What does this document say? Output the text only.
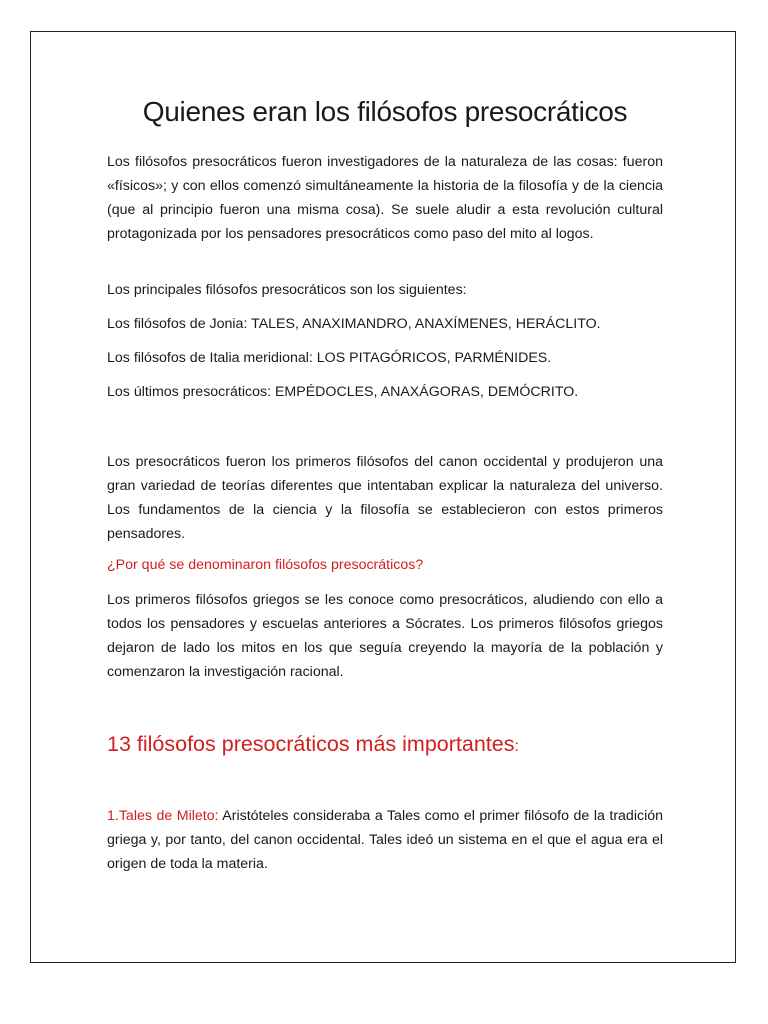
Quienes eran los filósofos presocráticos

Los filósofos presocráticos fueron investigadores de la naturaleza de las cosas: fueron «físicos»; y con ellos comenzó simultáneamente la historia de la filosofía y de la ciencia (que al principio fueron una misma cosa). Se suele aludir a esta revolución cultural protagonizada por los pensadores presocráticos como paso del mito al logos.

Los principales filósofos presocráticos son los siguientes:

Los filósofos de Jonia: TALES, ANAXIMANDRO, ANAXÍMENES, HERÁCLITO.

Los filósofos de Italia meridional: LOS PITAGÓRICOS, PARMÉNIDES.

Los últimos presocráticos: EMPÉDOCLES, ANAXÁGORAS, DEMÓCRITO.

Los presocráticos fueron los primeros filósofos del canon occidental y produjeron una gran variedad de teorías diferentes que intentaban explicar la naturaleza del universo. Los fundamentos de la ciencia y la filosofía se establecieron con estos primeros pensadores.

¿Por qué se denominaron filósofos presocráticos?

Los primeros filósofos griegos se les conoce como presocráticos, aludiendo con ello a todos los pensadores y escuelas anteriores a Sócrates. Los primeros filósofos griegos dejaron de lado los mitos en los que seguía creyendo la mayoría de la población y comenzaron la investigación racional.

13 filósofos presocráticos más importantes:

1.Tales de Mileto: Aristóteles consideraba a Tales como el primer filósofo de la tradición griega y, por tanto, del canon occidental. Tales ideó un sistema en el que el agua era el origen de toda la materia.
